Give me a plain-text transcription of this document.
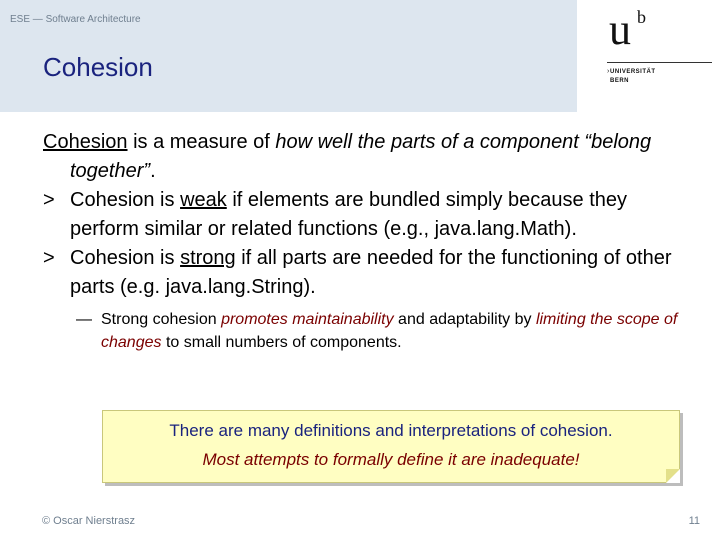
ESE — Software Architecture
Cohesion
u b
› UNIVERSITÄT
BERN

Cohesion is a measure of how well the parts of a component “belong together”.

> Cohesion is weak if elements are bundled simply because they perform similar or related functions (e.g., java.lang.Math).

> Cohesion is strong if all parts are needed for the functioning of other parts (e.g. java.lang.String).

— Strong cohesion promotes maintainability and adaptability by limiting the scope of changes to small numbers of components.
There are many definitions and interpretations of cohesion.
Most attempts to formally define it are inadequate!
© Oscar Nierstrasz	11
